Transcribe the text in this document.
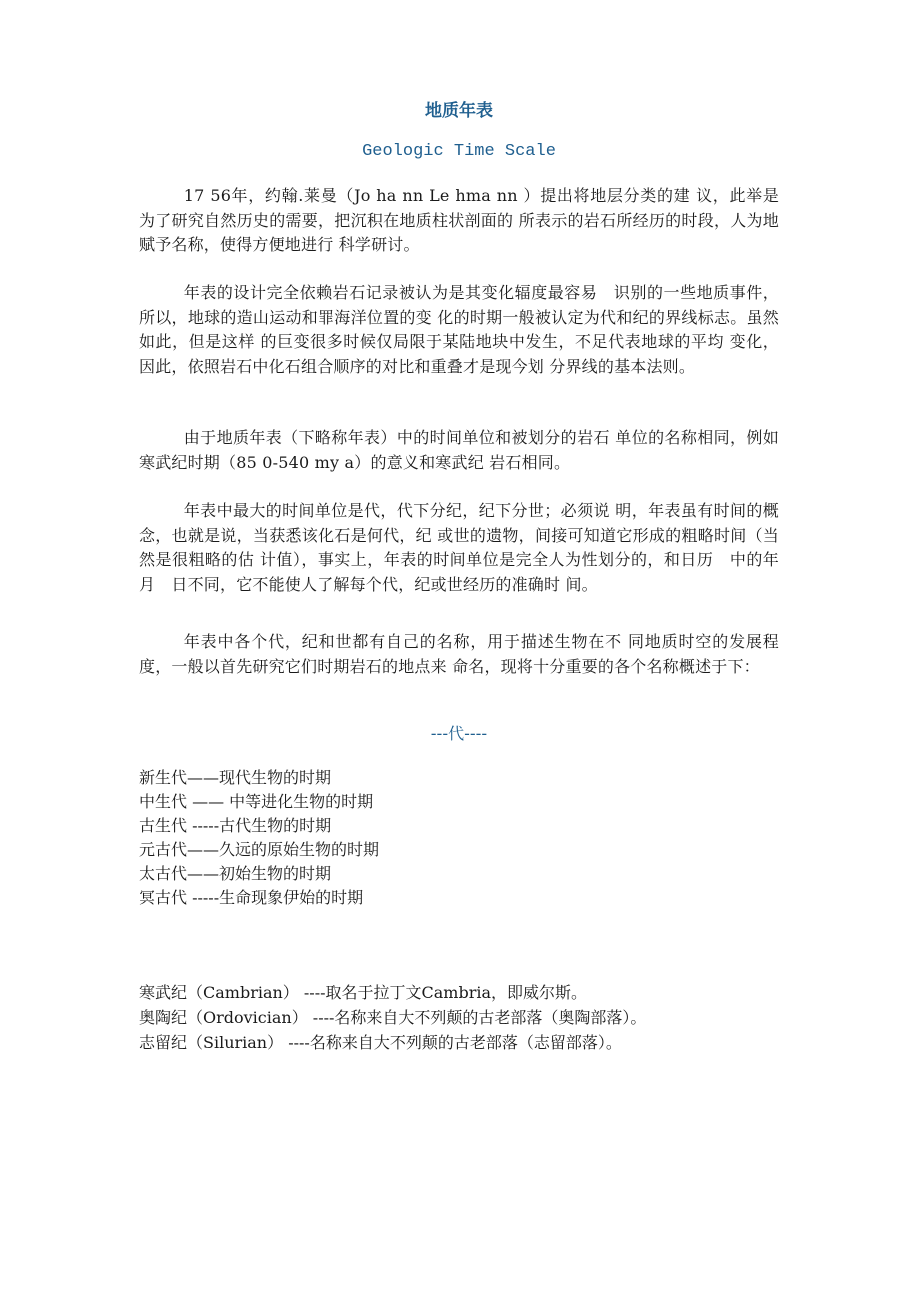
地质年表
Geologic Time Scale
17 56年，约翰.莱曼（Jo ha nn Le hma nn ）提出将地层分类的建 议，此举是为了研究自然历史的需要，把沉积在地质柱状剖面的 所表示的岩石所经历的时段，人为地赋予名称，使得方便地进行 科学研讨。
年表的设计完全依赖岩石记录被认为是其变化辐度最容易　识别的一些地质事件，所以，地球的造山运动和罪海洋位置的变 化的时期一般被认定为代和纪的界线标志。虽然如此，但是这样 的巨变很多时候仅局限于某陆地块中发生，不足代表地球的平均 变化，因此，依照岩石中化石组合顺序的对比和重叠才是现今划 分界线的基本法则。
由于地质年表（下略称年表）中的时间单位和被划分的岩石 单位的名称相同，例如寒武纪时期（85 0-540 my a）的意义和寒武纪 岩石相同。
年表中最大的时间单位是代，代下分纪，纪下分世；必须说 明，年表虽有时间的概念，也就是说，当获悉该化石是何代，纪 或世的遗物，间接可知道它形成的粗略时间（当然是很粗略的估 计值），事实上，年表的时间单位是完全人为性划分的，和日历　中的年月　日不同，它不能使人了解每个代，纪或世经历的准确时 间。
年表中各个代，纪和世都有自己的名称，用于描述生物在不 同地质时空的发展程度，一般以首先研究它们时期岩石的地点来 命名，现将十分重要的各个名称概述于下：
---代----
新生代——现代生物的时期
中生代 —— 中等进化生物的时期
古生代 -----古代生物的时期
元古代——久远的原始生物的时期
太古代——初始生物的时期
冥古代 -----生命现象伊始的时期
寒武纪（Cambrian） ----取名于拉丁文Cambria，即威尔斯。
奥陶纪（Ordovician） ----名称来自大不列颠的古老部落（奥陶部落）。
志留纪（Silurian） ----名称来自大不列颠的古老部落（志留部落）。
